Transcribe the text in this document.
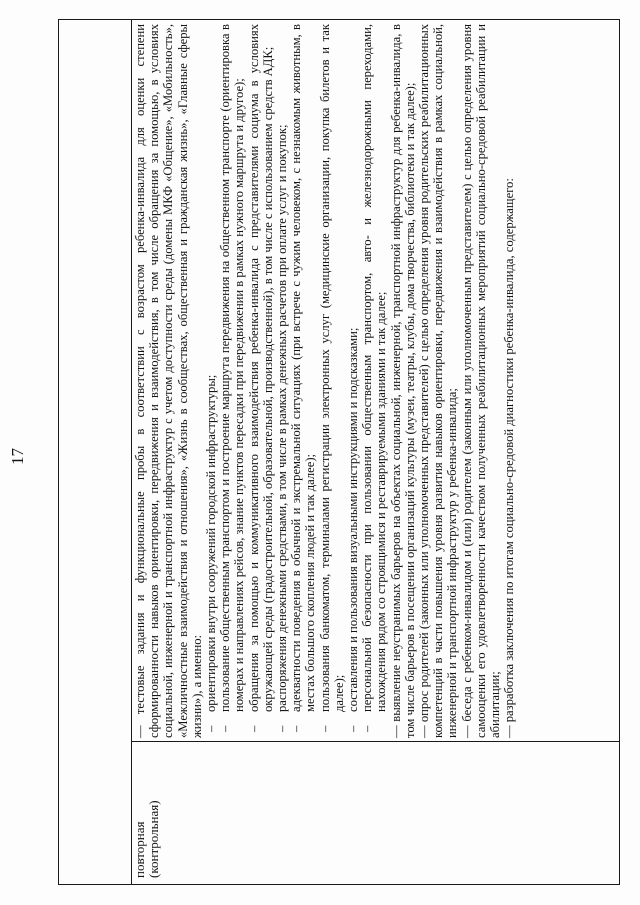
17
повторная (контрольная)

— тестовые задания и функциональные пробы в соответствии с возрастом ребенка-инвалида для оценки степени сформированности навыков ориентировки, передвижения и взаимодействия, в том числе обращения за помощью, в условиях социальной, инженерной и транспортной инфраструктур с учетом доступности среды (домены МКФ «Общение», «Мобильность», «Межличностные взаимодействия и отношения», «Жизнь в сообществах, общественная и гражданская жизнь», «Главные сферы жизни»), а именно: –
ориентировки внутри сооружений городской инфраструктуры;
–
пользование общественным транспортом и построение маршрута передвижения на общественном транспорте (ориентировка в номерах и направлениях рейсов, знание пунктов пересадки при передвижении в рамках нужного маршрута и другое);
–
обращения за помощью и коммуникативного взаимодействия ребенка-инвалида с представителями социума в условиях окружающей среды (градостроительной, образовательной, производственной), в том числе с использованием средств АДК;
–
распоряжения денежными средствами, в том числе в рамках денежных расчетов при оплате услуг и покупок;
–
адекватности поведения в обычной и экстремальной ситуациях (при встрече с чужим человеком, с незнакомым животным, в местах большого скопления людей и так далее);
–
пользования банкоматом, терминалами регистрации электронных услуг (медицинские организации, покупка билетов и так далее);
–
составления и пользования визуальными инструкциями и подсказками;
–
персональной безопасности при пользовании общественным транспортом, авто- и железнодорожными переходами, нахождения рядом со строящимися и реставрируемыми зданиями и так далее; — выявление неустранимых барьеров на объектах социальной, инженерной, транспортной инфраструктур для ребенка-инвалида, в том числе барьеров в посещении организаций культуры (музеи, театры, клубы, дома творчества, библиотеки и так далее); — опрос родителей (законных или уполномоченных представителей) с целью определения уровня родительских реабилитационных компетенций в части повышения уровня развития навыков ориентировки, передвижения и взаимодействия в рамках социальной, инженерной и транспортной инфраструктур у ребенка-инвалида; — беседа с ребенком-инвалидом и (или) родителем (законным или уполномоченным представителем) с целью определения уровня самооценки его удовлетворенности качеством полученных реабилитационных мероприятий социально-средовой реабилитации и абилитации; — разработка заключения по итогам социально-средовой диагностики ребенка-инвалида, содержащего:
